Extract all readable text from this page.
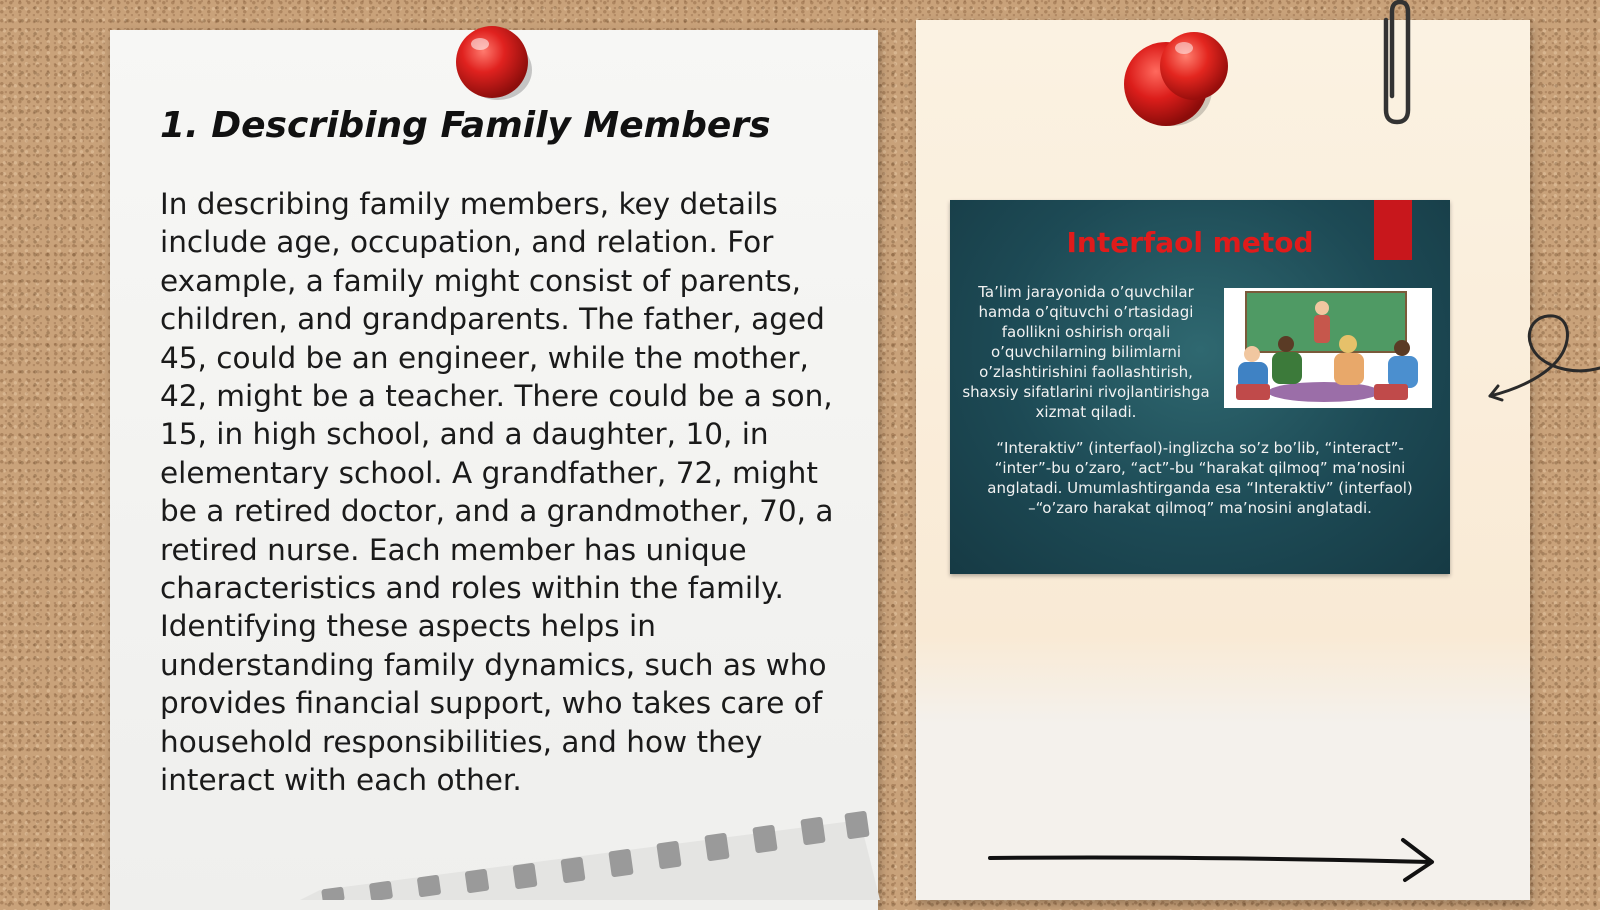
1. Describing Family Members

In describing family members, key details include age, occupation, and relation. For example, a family might consist of parents, children, and grandparents. The father, aged 45, could be an engineer, while the mother, 42, might be a teacher. There could be a son, 15, in high school, and a daughter, 10, in elementary school. A grandfather, 72, might be a retired doctor, and a grandmother, 70, a retired nurse. Each member has unique characteristics and roles within the family. Identifying these aspects helps in understanding family dynamics, such as who provides financial support, who takes care of household responsibilities, and how they interact with each other.

Interfaol metod

Ta’lim jarayonida o’quvchilar hamda o’qituvchi o’rtasidagi faollikni oshirish orqali o’quvchilarning bilimlarni o’zlashtirishini faollashtirish, shaxsiy sifatlarini rivojlantirishga xizmat qiladi.

“Interaktiv” (interfaol)-inglizcha so’z bo’lib, “interact”- “inter”-bu o’zaro, “act”-bu “harakat qilmoq” ma’nosini anglatadi. Umumlashtirganda esa “Interaktiv” (interfaol) –“o’zaro harakat qilmoq” ma’nosini anglatadi.
